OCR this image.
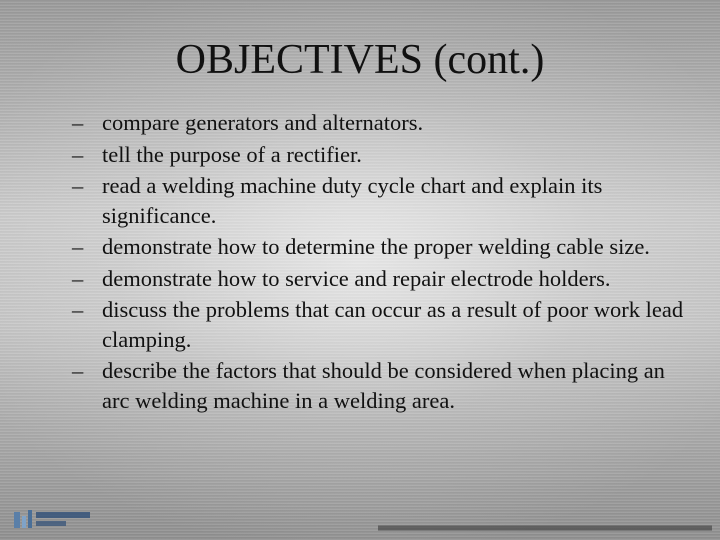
OBJECTIVES (cont.)
– compare generators and alternators.
– tell the purpose of a rectifier.
– read a welding machine duty cycle chart and explain its significance.
– demonstrate how to determine the proper welding cable size.
– demonstrate how to service and repair electrode holders.
– discuss the problems that can occur as a result of poor work lead clamping.
– describe the factors that should be considered when placing an arc welding machine in a welding area.
